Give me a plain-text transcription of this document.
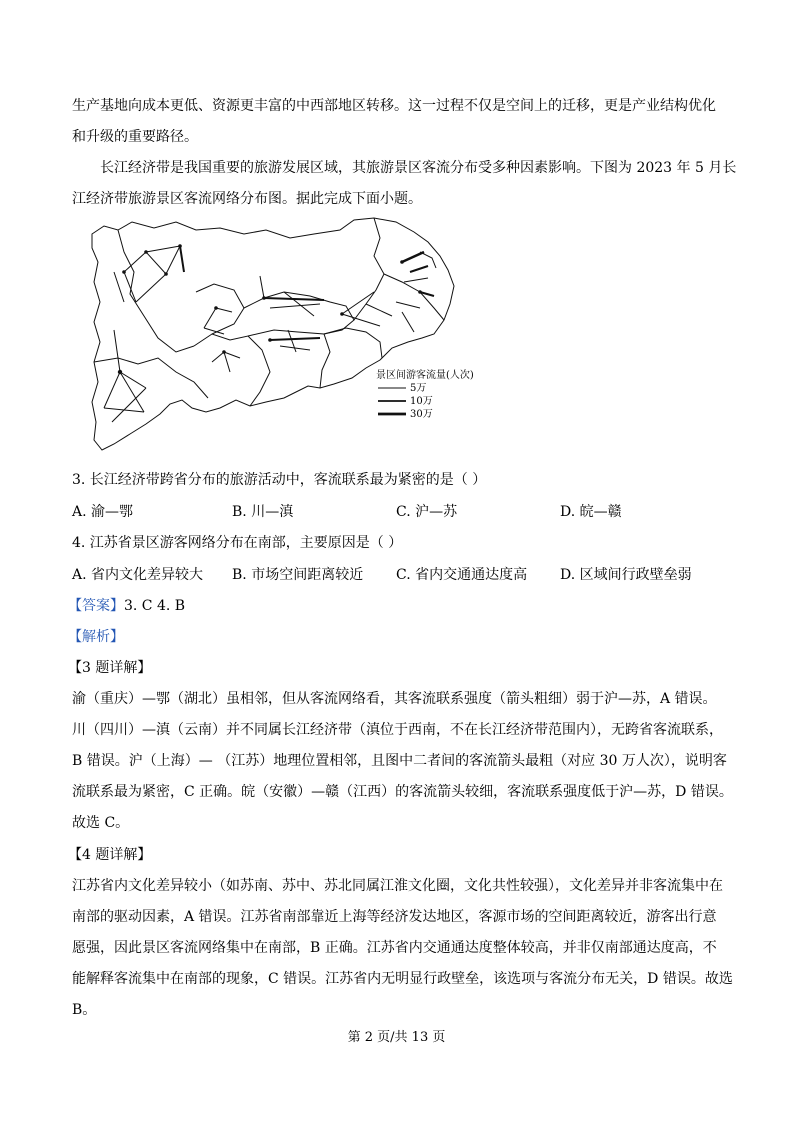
生产基地向成本更低、资源更丰富的中西部地区转移。这一过程不仅是空间上的迁移，更是产业结构优化
和升级的重要路径。
长江经济带是我国重要的旅游发展区域，其旅游景区客流分布受多种因素影响。下图为 2023 年 5 月长
江经济带旅游景区客流网络分布图。据此完成下面小题。
景区间游客流量(人次)
5万
10万
30万
3. 长江经济带跨省分布的旅游活动中，客流联系最为紧密的是（ ）
A. 渝—鄂	B. 川—滇	C. 沪—苏	D. 皖—赣
4. 江苏省景区游客网络分布在南部，主要原因是（ ）
A. 省内文化差异较大 B. 市场空间距离较近 C. 省内交通通达度高 D. 区域间行政壁垒弱
【答案】3. C 4. B
【解析】
【3 题详解】
渝（重庆）—鄂（湖北）虽相邻，但从客流网络看，其客流联系强度（箭头粗细）弱于沪—苏，A 错误。
川（四川）—滇（云南）并不同属长江经济带（滇位于西南，不在长江经济带范围内），无跨省客流联系，
B 错误。沪（上海）— （江苏）地理位置相邻，且图中二者间的客流箭头最粗（对应 30 万人次），说明客
流联系最为紧密，C 正确。皖（安徽）—赣（江西）的客流箭头较细，客流联系强度低于沪—苏，D 错误。
故选 C。
【4 题详解】
江苏省内文化差异较小（如苏南、苏中、苏北同属江淮文化圈，文化共性较强），文化差异并非客流集中在
南部的驱动因素，A 错误。江苏省南部靠近上海等经济发达地区，客源市场的空间距离较近，游客出行意
愿强，因此景区客流网络集中在南部，B 正确。江苏省内交通通达度整体较高，并非仅南部通达度高，不
能解释客流集中在南部的现象，C 错误。江苏省内无明显行政壁垒，该选项与客流分布无关，D 错误。故选
B。
第 2 页/共 13 页
